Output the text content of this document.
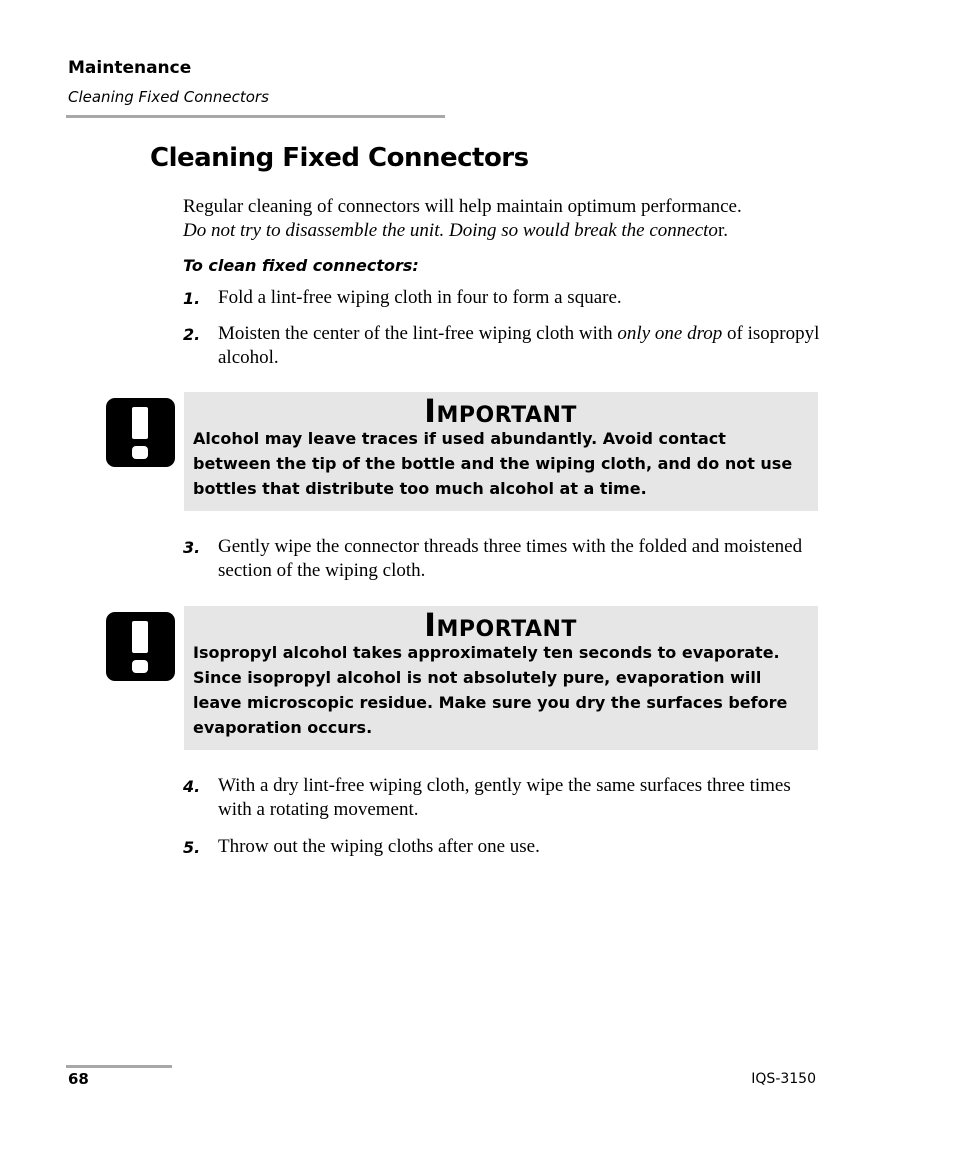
Maintenance
Cleaning Fixed Connectors
Cleaning Fixed Connectors
Regular cleaning of connectors will help maintain optimum performance.
Do not try to disassemble the unit. Doing so would break the connector.
To clean fixed connectors:
1. Fold a lint-free wiping cloth in four to form a square.
2. Moisten the center of the lint-free wiping cloth with only one drop of isopropyl alcohol.
IMPORTANT
Alcohol may leave traces if used abundantly. Avoid contact between the tip of the bottle and the wiping cloth, and do not use bottles that distribute too much alcohol at a time.
3. Gently wipe the connector threads three times with the folded and moistened section of the wiping cloth.
IMPORTANT
Isopropyl alcohol takes approximately ten seconds to evaporate. Since isopropyl alcohol is not absolutely pure, evaporation will leave microscopic residue. Make sure you dry the surfaces before evaporation occurs.
4. With a dry lint-free wiping cloth, gently wipe the same surfaces three times with a rotating movement.
5. Throw out the wiping cloths after one use.
68	IQS-3150
